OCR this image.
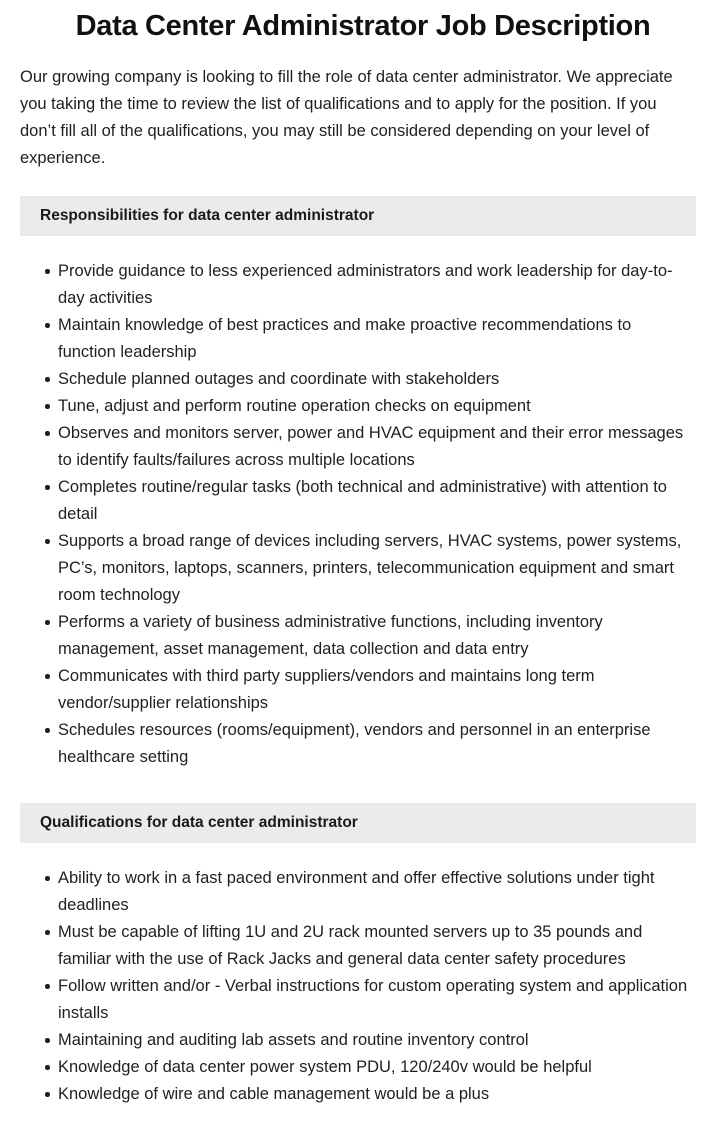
Data Center Administrator Job Description

Our growing company is looking to fill the role of data center administrator. We appreciate you taking the time to review the list of qualifications and to apply for the position. If you don’t fill all of the qualifications, you may still be considered depending on your level of experience.

Responsibilities for data center administrator
Provide guidance to less experienced administrators and work leadership for day-to-day activities
Maintain knowledge of best practices and make proactive recommendations to function leadership
Schedule planned outages and coordinate with stakeholders
Tune, adjust and perform routine operation checks on equipment
Observes and monitors server, power and HVAC equipment and their error messages to identify faults/failures across multiple locations
Completes routine/regular tasks (both technical and administrative) with attention to detail
Supports a broad range of devices including servers, HVAC systems, power systems, PC’s, monitors, laptops, scanners, printers, telecommunication equipment and smart room technology
Performs a variety of business administrative functions, including inventory management, asset management, data collection and data entry
Communicates with third party suppliers/vendors and maintains long term vendor/supplier relationships
Schedules resources (rooms/equipment), vendors and personnel in an enterprise healthcare setting
Qualifications for data center administrator
Ability to work in a fast paced environment and offer effective solutions under tight deadlines
Must be capable of lifting 1U and 2U rack mounted servers up to 35 pounds and familiar with the use of Rack Jacks and general data center safety procedures
Follow written and/or - Verbal instructions for custom operating system and application installs
Maintaining and auditing lab assets and routine inventory control
Knowledge of data center power system PDU, 120/240v would be helpful
Knowledge of wire and cable management would be a plus
